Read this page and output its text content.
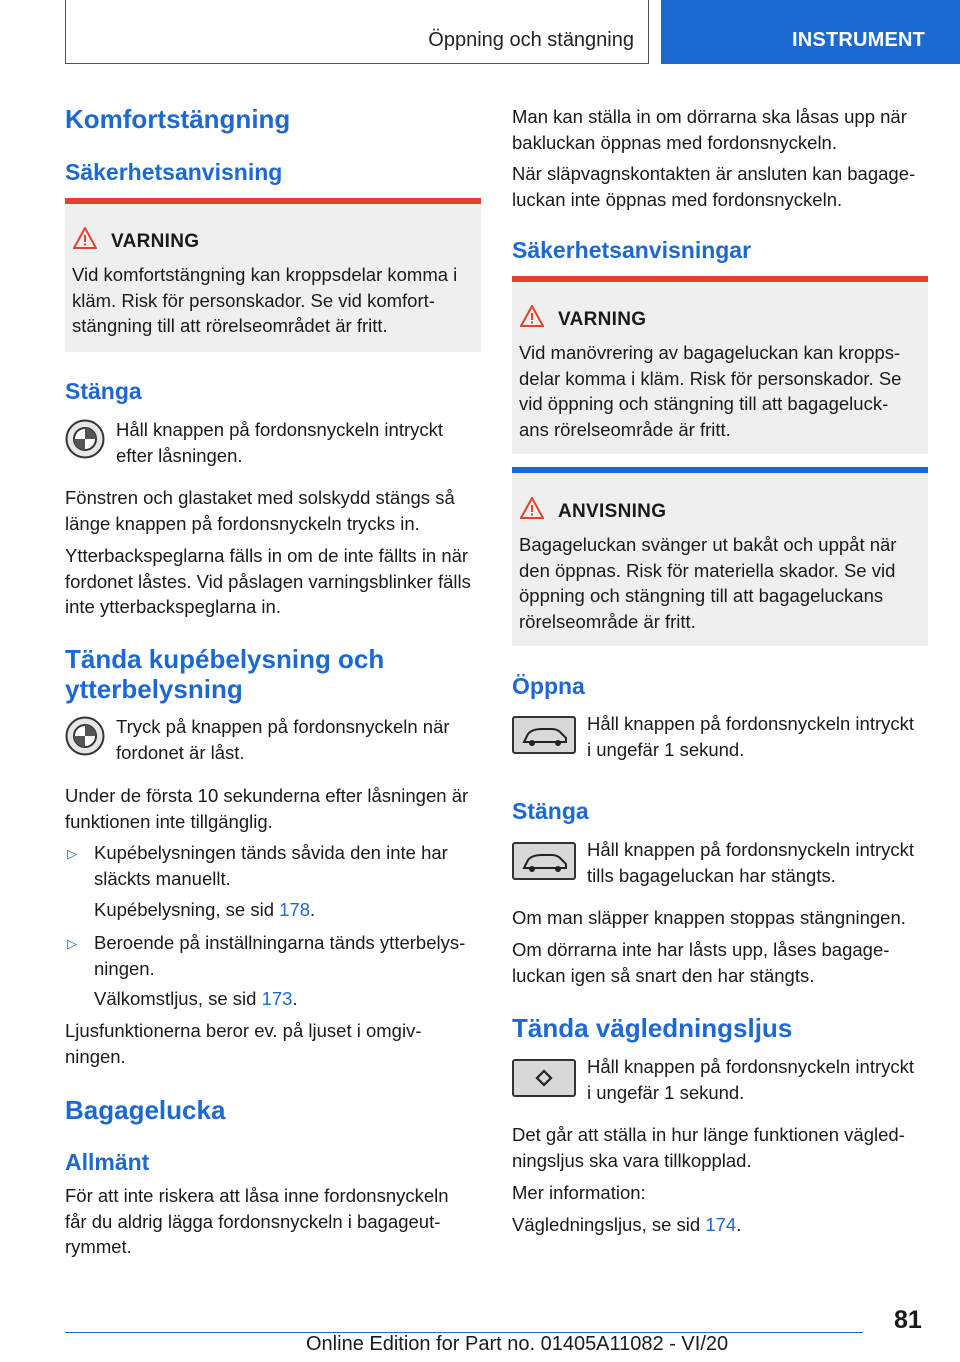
Öppning och stängning	INSTRUMENT
Komfortstängning
Säkerhetsanvisning
VARNING
Vid komfortstängning kan kroppsdelar komma i
kläm. Risk för personskador. Se vid komfort-
stängning till att rörelseområdet är fritt.
Stänga
Håll knappen på fordonsnyckeln intryckt
efter låsningen.
Fönstren och glastaket med solskydd stängs så
länge knappen på fordonsnyckeln trycks in.
Ytterbackspeglarna fälls in om de inte fällts in när
fordonet låstes. Vid påslagen varningsblinker fälls
inte ytterbackspeglarna in.
Tända kupébelysning och
ytterbelysning
Tryck på knappen på fordonsnyckeln när
fordonet är låst.
Under de första 10 sekunderna efter låsningen är
funktionen inte tillgänglig.
▷ Kupébelysningen tänds såvida den inte har
släckts manuellt.
Kupébelysning, se sid 178.
▷ Beroende på inställningarna tänds ytterbelys-
ningen.
Välkomstljus, se sid 173.
Ljusfunktionerna beror ev. på ljuset i omgiv-
ningen.
Bagagelucka
Allmänt
För att inte riskera att låsa inne fordonsnyckeln
får du aldrig lägga fordonsnyckeln i bagageut-
rymmet.
Man kan ställa in om dörrarna ska låsas upp när
bakluckan öppnas med fordonsnyckeln.
När släpvagnskontakten är ansluten kan bagage-
luckan inte öppnas med fordonsnyckeln.
Säkerhetsanvisningar
VARNING
Vid manövrering av bagageluckan kan kropps-
delar komma i kläm. Risk för personskador. Se
vid öppning och stängning till att bagageluck-
ans rörelseområde är fritt.
ANVISNING
Bagageluckan svänger ut bakåt och uppåt när
den öppnas. Risk för materiella skador. Se vid
öppning och stängning till att bagageluckans
rörelseområde är fritt.
Öppna
Håll knappen på fordonsnyckeln intryckt
i ungefär 1 sekund.
Stänga
Håll knappen på fordonsnyckeln intryckt
tills bagageluckan har stängts.
Om man släpper knappen stoppas stängningen.
Om dörrarna inte har låsts upp, låses bagage-
luckan igen så snart den har stängts.
Tända vägledningsljus
Håll knappen på fordonsnyckeln intryckt
i ungefär 1 sekund.
Det går att ställa in hur länge funktionen vägled-
ningsljus ska vara tillkopplad.
Mer information:
Vägledningsljus, se sid 174.
81
Online Edition for Part no. 01405A11082 - VI/20
